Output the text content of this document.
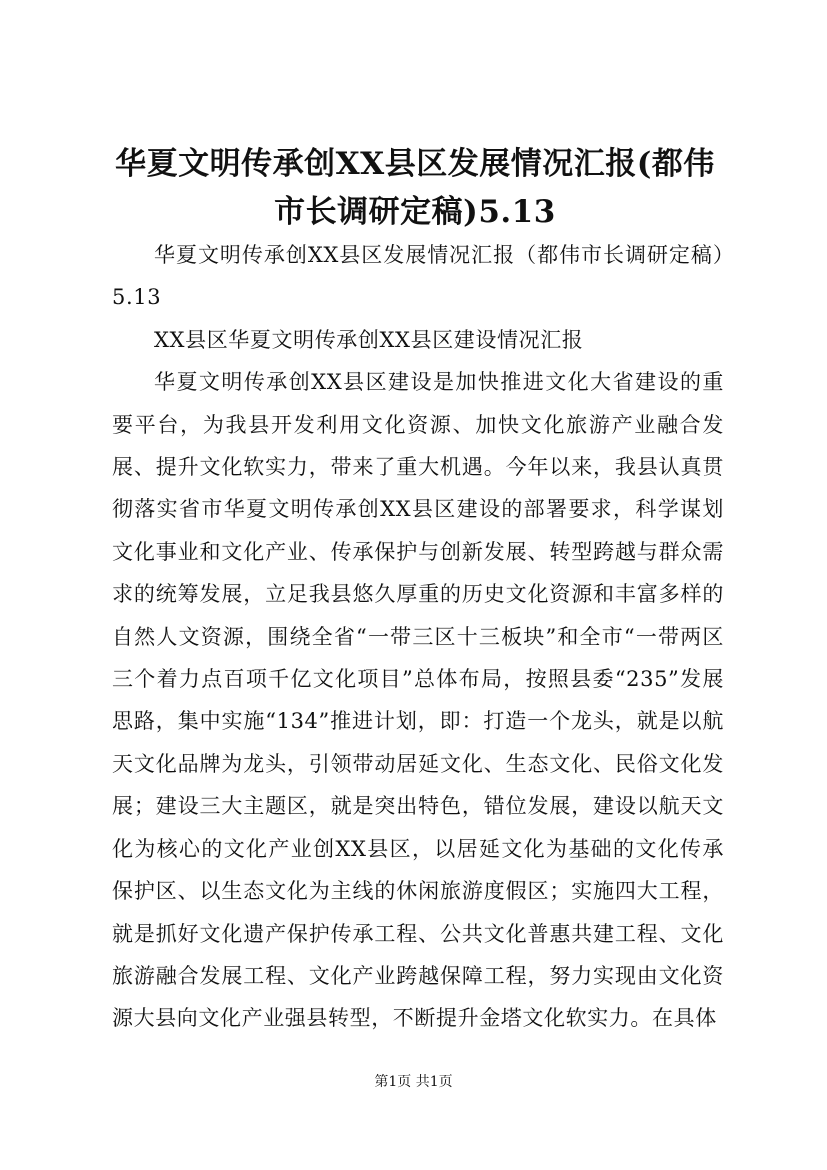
华夏文明传承创XX县区发展情况汇报(都伟市长调研定稿)5.13

华夏文明传承创XX县区发展情况汇报（都伟市长调研定稿）5.13

XX县区华夏文明传承创XX县区建设情况汇报

华夏文明传承创XX县区建设是加快推进文化大省建设的重要平台，为我县开发利用文化资源、加快文化旅游产业融合发展、提升文化软实力，带来了重大机遇。今年以来，我县认真贯彻落实省市华夏文明传承创XX县区建设的部署要求，科学谋划文化事业和文化产业、传承保护与创新发展、转型跨越与群众需求的统筹发展，立足我县悠久厚重的历史文化资源和丰富多样的自然人文资源，围绕全省“一带三区十三板块”和全市“一带两区三个着力点百项千亿文化项目”总体布局，按照县委“235”发展思路，集中实施“134”推进计划，即：打造一个龙头，就是以航天文化品牌为龙头，引领带动居延文化、生态文化、民俗文化发展；建设三大主题区，就是突出特色，错位发展，建设以航天文化为核心的文化产业创XX县区，以居延文化为基础的文化传承保护区、以生态文化为主线的休闲旅游度假区；实施四大工程，就是抓好文化遗产保护传承工程、公共文化普惠共建工程、文化旅游融合发展工程、文化产业跨越保障工程，努力实现由文化资源大县向文化产业强县转型，不断提升金塔文化软实力。在具体

第1页 共1页
